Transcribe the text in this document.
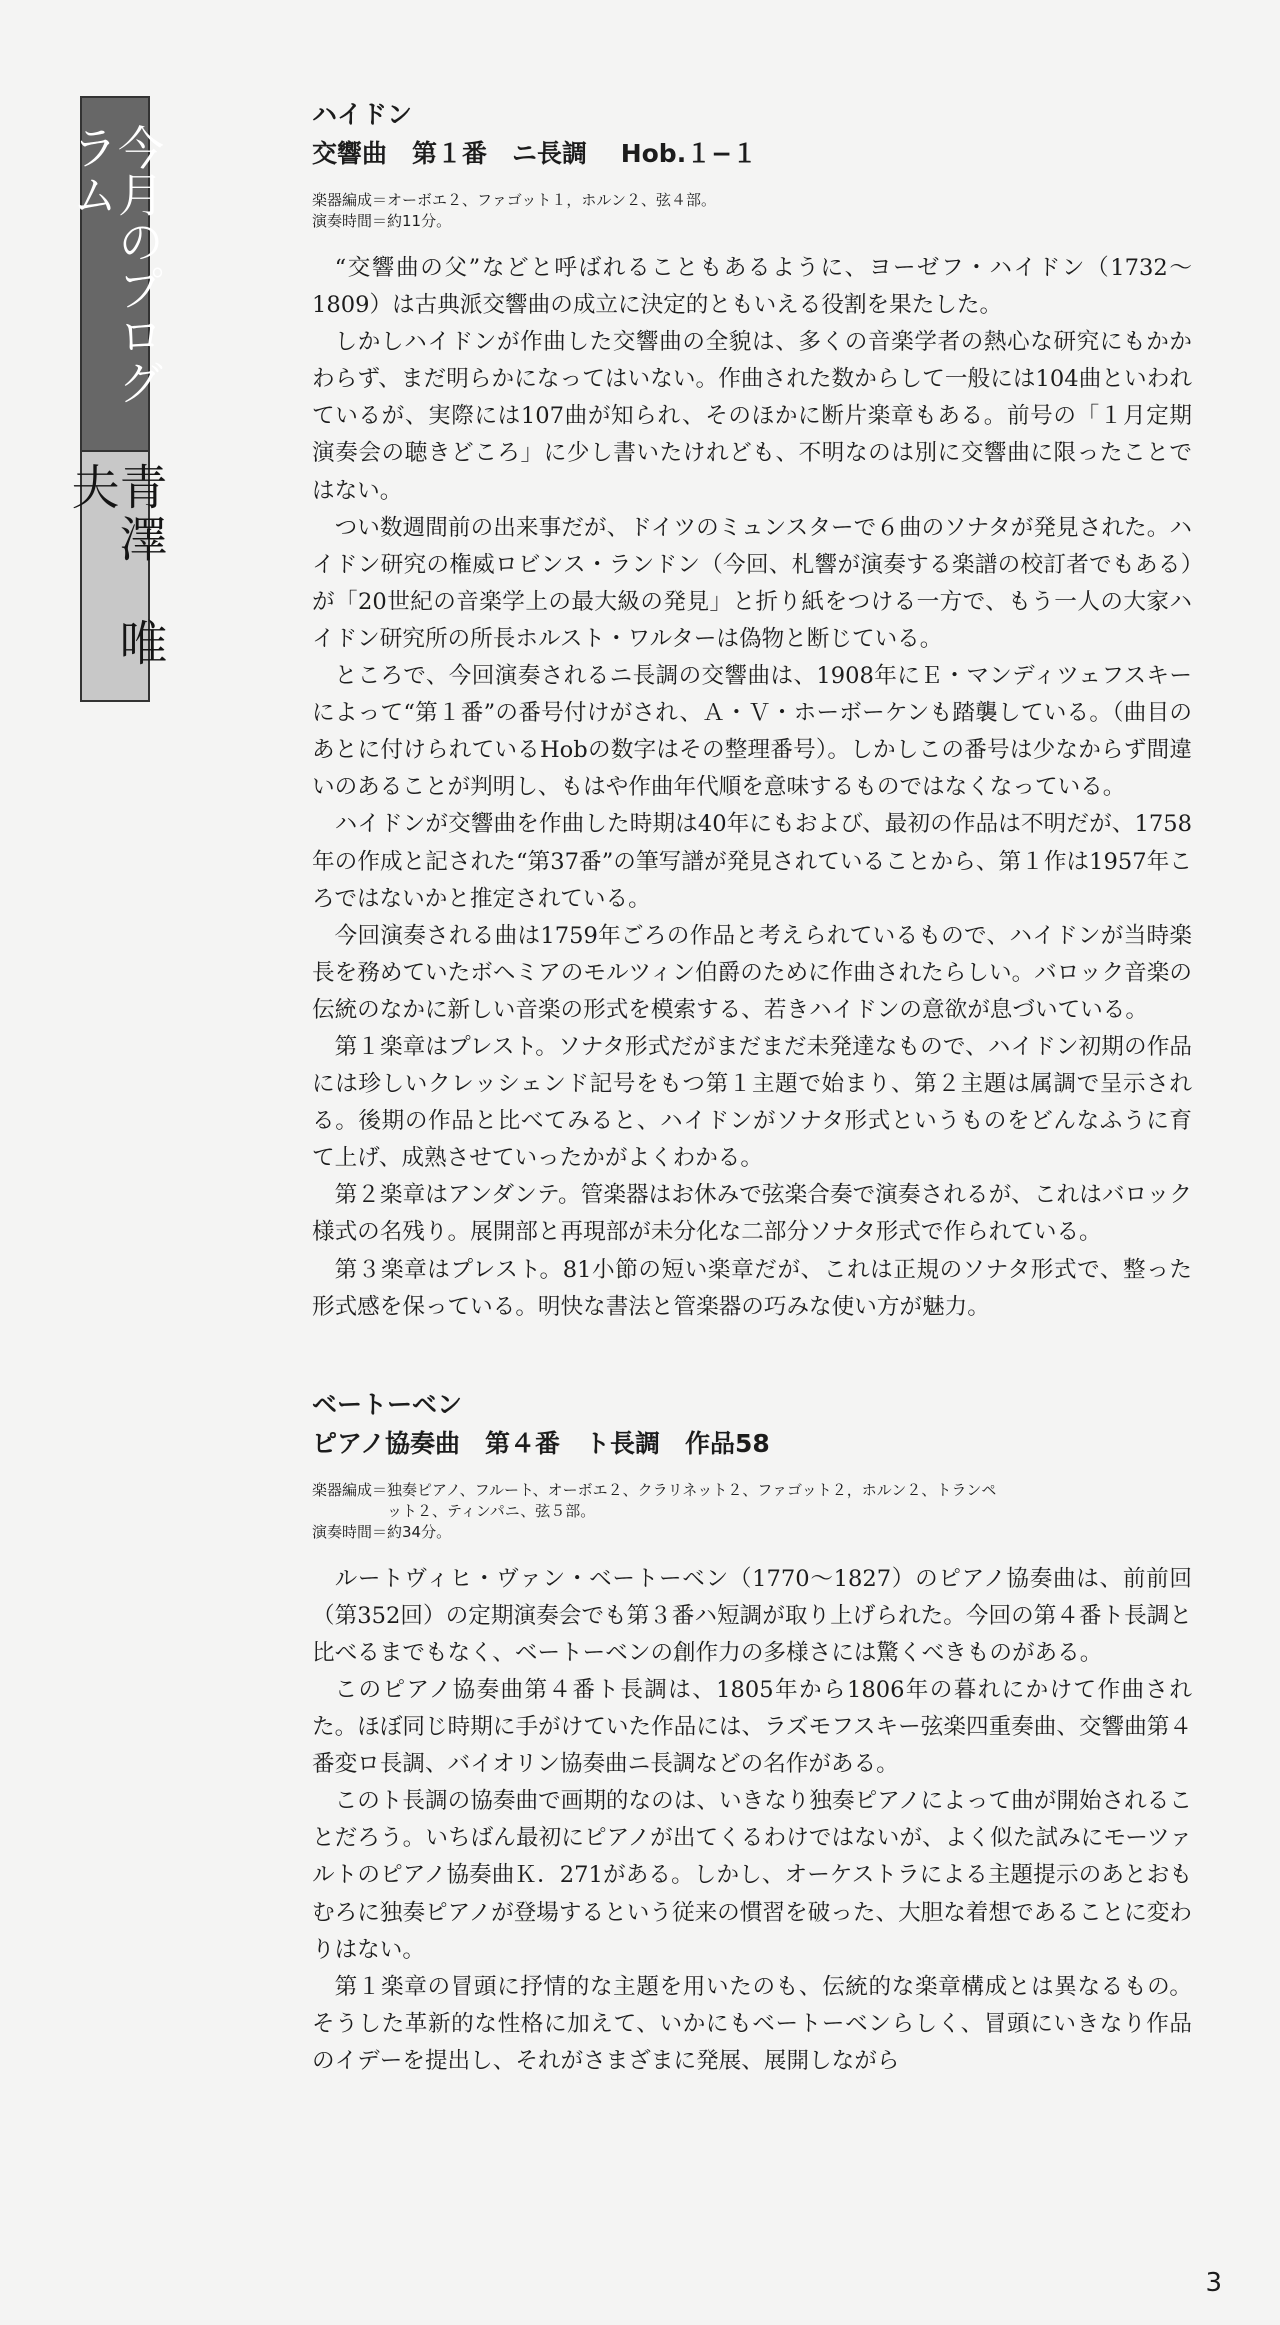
今月のプログラム
青澤　唯夫

ハイドン

交響曲　第１番　ニ長調　 Hob.１−１

楽器編成＝オーボエ２、ファゴット１，ホルン２、弦４部。
演奏時間＝約11分。

“交響曲の父”などと呼ばれることもあるように、ヨーゼフ・ハイドン（1732〜1809）は古典派交響曲の成立に決定的ともいえる役割を果たした。

しかしハイドンが作曲した交響曲の全貌は、多くの音楽学者の熱心な研究にもかかわらず、まだ明らかになってはいない。作曲された数からして一般には104曲といわれているが、実際には107曲が知られ、そのほかに断片楽章もある。前号の「１月定期演奏会の聴きどころ」に少し書いたけれども、不明なのは別に交響曲に限ったことではない。

つい数週間前の出来事だが、ドイツのミュンスターで６曲のソナタが発見された。ハイドン研究の権威ロビンス・ランドン（今回、札響が演奏する楽譜の校訂者でもある）が「20世紀の音楽学上の最大級の発見」と折り紙をつける一方で、もう一人の大家ハイドン研究所の所長ホルスト・ワルターは偽物と断じている。

ところで、今回演奏されるニ長調の交響曲は、1908年にＥ・マンディツェフスキーによって“第１番”の番号付けがされ、Ａ・Ｖ・ホーボーケンも踏襲している。（曲目のあとに付けられているHobの数字はその整理番号）。しかしこの番号は少なからず間違いのあることが判明し、もはや作曲年代順を意味するものではなくなっている。

ハイドンが交響曲を作曲した時期は40年にもおよび、最初の作品は不明だが、1758年の作成と記された“第37番”の筆写譜が発見されていることから、第１作は1957年ころではないかと推定されている。

今回演奏される曲は1759年ごろの作品と考えられているもので、ハイドンが当時楽長を務めていたボヘミアのモルツィン伯爵のために作曲されたらしい。バロック音楽の伝統のなかに新しい音楽の形式を模索する、若きハイドンの意欲が息づいている。

第１楽章はプレスト。ソナタ形式だがまだまだ未発達なもので、ハイドン初期の作品には珍しいクレッシェンド記号をもつ第１主題で始まり、第２主題は属調で呈示される。後期の作品と比べてみると、ハイドンがソナタ形式というものをどんなふうに育て上げ、成熟させていったかがよくわかる。

第２楽章はアンダンテ。管楽器はお休みで弦楽合奏で演奏されるが、これはバロック様式の名残り。展開部と再現部が未分化な二部分ソナタ形式で作られている。

第３楽章はプレスト。81小節の短い楽章だが、これは正規のソナタ形式で、整った形式感を保っている。明快な書法と管楽器の巧みな使い方が魅力。

ベートーベン

ピアノ協奏曲　第４番　ト長調　作品58

楽器編成＝独奏ピアノ、フルート、オーボエ２、クラリネット２、ファゴット２，ホルン２、トランペ
ット２、ティンパニ、弦５部。
演奏時間＝約34分。

ルートヴィヒ・ヴァン・ベートーベン（1770〜1827）のピアノ協奏曲は、前前回（第352回）の定期演奏会でも第３番ハ短調が取り上げられた。今回の第４番ト長調と比べるまでもなく、ベートーベンの創作力の多様さには驚くべきものがある。

このピアノ協奏曲第４番ト長調は、1805年から1806年の暮れにかけて作曲された。ほぼ同じ時期に手がけていた作品には、ラズモフスキー弦楽四重奏曲、交響曲第４番変ロ長調、バイオリン協奏曲ニ長調などの名作がある。

このト長調の協奏曲で画期的なのは、いきなり独奏ピアノによって曲が開始されることだろう。いちばん最初にピアノが出てくるわけではないが、よく似た試みにモーツァルトのピアノ協奏曲Ｋ．271がある。しかし、オーケストラによる主題提示のあとおもむろに独奏ピアノが登場するという従来の慣習を破った、大胆な着想であることに変わりはない。

第１楽章の冒頭に抒情的な主題を用いたのも、伝統的な楽章構成とは異なるもの。そうした革新的な性格に加えて、いかにもベートーベンらしく、冒頭にいきなり作品のイデーを提出し、それがさまざまに発展、展開しながら

3
